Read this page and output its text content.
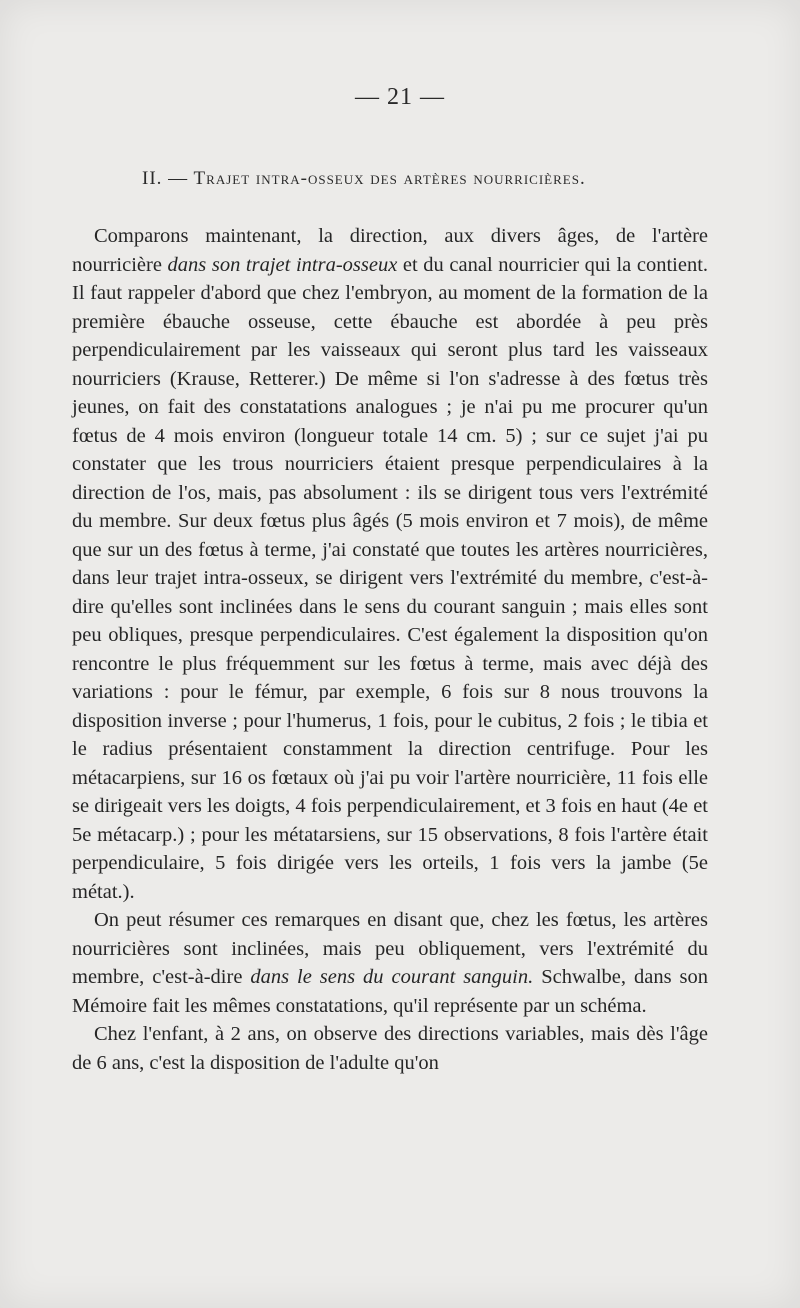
— 21 —
II. — Trajet intra-osseux des artères nourricières.

Comparons maintenant, la direction, aux divers âges, de l'artère nourricière dans son trajet intra-osseux et du canal nourricier qui la contient. Il faut rappeler d'abord que chez l'embryon, au moment de la formation de la première ébauche osseuse, cette ébauche est abordée à peu près perpendiculairement par les vaisseaux qui seront plus tard les vaisseaux nourriciers (Krause, Retterer.) De même si l'on s'adresse à des fœtus très jeunes, on fait des constatations analogues ; je n'ai pu me procurer qu'un fœtus de 4 mois environ (longueur totale 14 cm. 5) ; sur ce sujet j'ai pu constater que les trous nourriciers étaient presque perpendiculaires à la direction de l'os, mais, pas absolument : ils se dirigent tous vers l'extrémité du membre. Sur deux fœtus plus âgés (5 mois environ et 7 mois), de même que sur un des fœtus à terme, j'ai constaté que toutes les artères nourricières, dans leur trajet intra-osseux, se dirigent vers l'extrémité du membre, c'est-à-dire qu'elles sont inclinées dans le sens du courant sanguin ; mais elles sont peu obliques, presque perpendiculaires. C'est également la disposition qu'on rencontre le plus fréquemment sur les fœtus à terme, mais avec déjà des variations : pour le fémur, par exemple, 6 fois sur 8 nous trouvons la disposition inverse ; pour l'humerus, 1 fois, pour le cubitus, 2 fois ; le tibia et le radius présentaient constamment la direction centrifuge. Pour les métacarpiens, sur 16 os fœtaux où j'ai pu voir l'artère nourricière, 11 fois elle se dirigeait vers les doigts, 4 fois perpendiculairement, et 3 fois en haut (4e et 5e métacarp.) ; pour les métatarsiens, sur 15 observations, 8 fois l'artère était perpendiculaire, 5 fois dirigée vers les orteils, 1 fois vers la jambe (5e métat.).

On peut résumer ces remarques en disant que, chez les fœtus, les artères nourricières sont inclinées, mais peu obliquement, vers l'extrémité du membre, c'est-à-dire dans le sens du courant sanguin. Schwalbe, dans son Mémoire fait les mêmes constatations, qu'il représente par un schéma.

Chez l'enfant, à 2 ans, on observe des directions variables, mais dès l'âge de 6 ans, c'est la disposition de l'adulte qu'on
